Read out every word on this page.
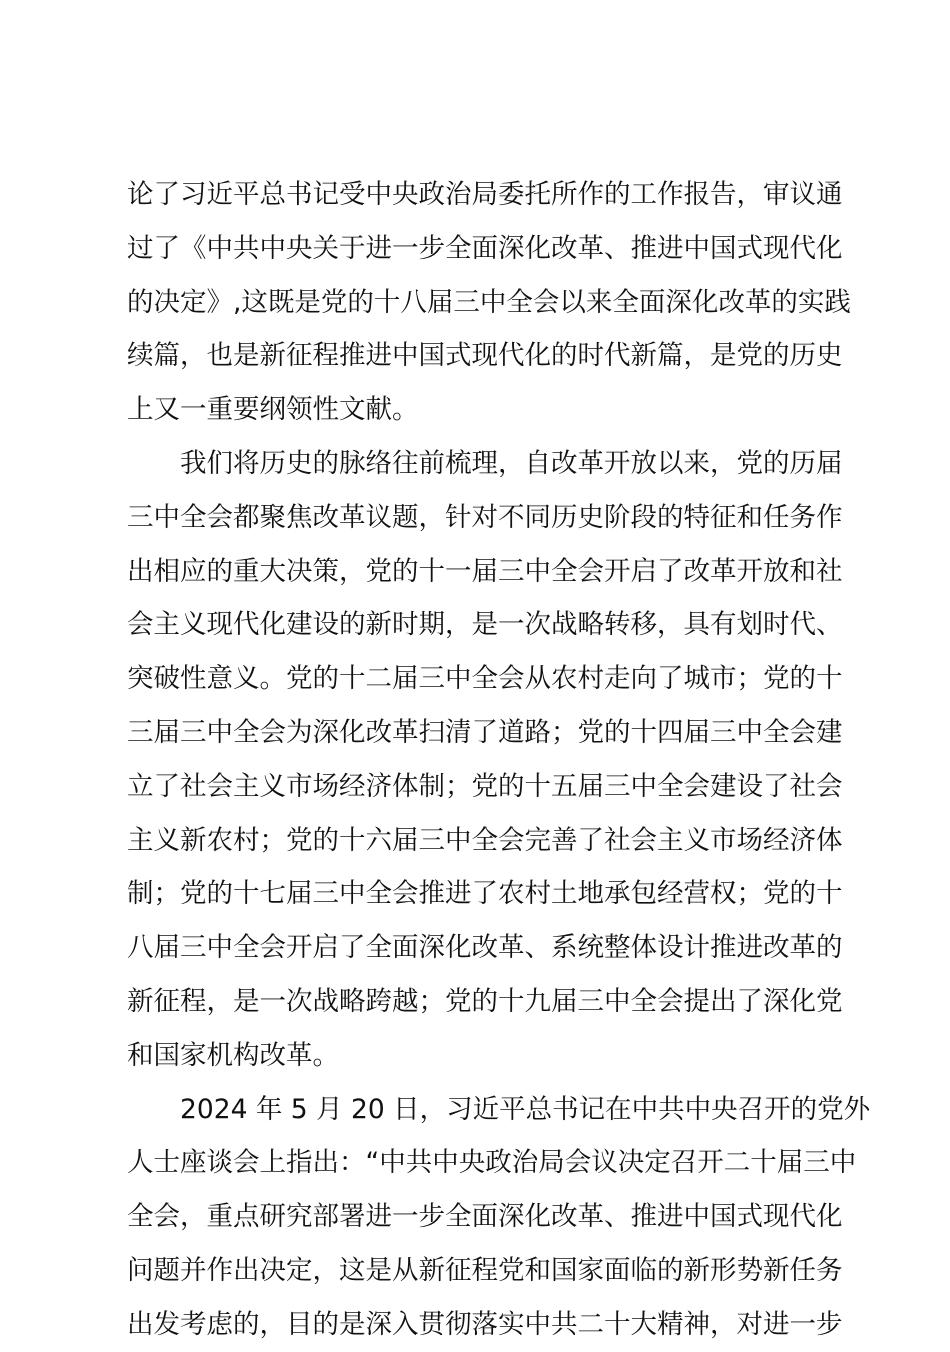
论了习近平总书记受中央政治局委托所作的工作报告，审议通
过了《中共中央关于进一步全面深化改革、推进中国式现代化
的决定》,这既是党的十八届三中全会以来全面深化改革的实践
续篇，也是新征程推进中国式现代化的时代新篇，是党的历史
上又一重要纲领性文献。
我们将历史的脉络往前梳理，自改革开放以来，党的历届
三中全会都聚焦改革议题，针对不同历史阶段的特征和任务作
出相应的重大决策，党的十一届三中全会开启了改革开放和社
会主义现代化建设的新时期，是一次战略转移，具有划时代、
突破性意义。党的十二届三中全会从农村走向了城市；党的十
三届三中全会为深化改革扫清了道路；党的十四届三中全会建
立了社会主义市场经济体制；党的十五届三中全会建设了社会
主义新农村；党的十六届三中全会完善了社会主义市场经济体
制；党的十七届三中全会推进了农村土地承包经营权；党的十
八届三中全会开启了全面深化改革、系统整体设计推进改革的
新征程，是一次战略跨越；党的十九届三中全会提出了深化党
和国家机构改革。
2024 年 5 月 20 日，习近平总书记在中共中央召开的党外
人士座谈会上指出：“中共中央政治局会议决定召开二十届三中
全会，重点研究部署进一步全面深化改革、推进中国式现代化
问题并作出决定，这是从新征程党和国家面临的新形势新任务
出发考虑的，目的是深入贯彻落实中共二十大精神，对进一步
